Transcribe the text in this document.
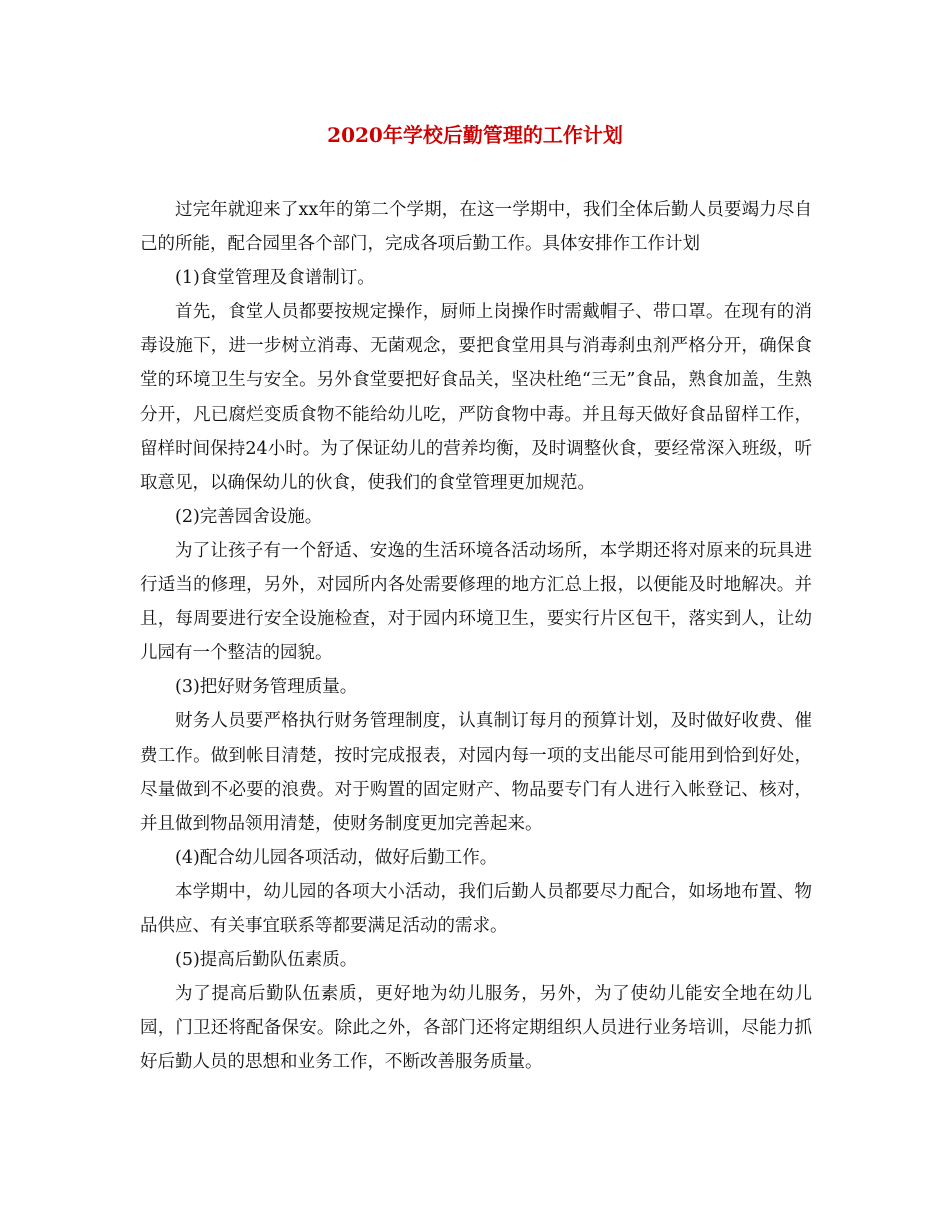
2020年学校后勤管理的工作计划

过完年就迎来了xx年的第二个学期，在这一学期中，我们全体后勤人员要竭力尽自己的所能，配合园里各个部门，完成各项后勤工作。具体安排作工作计划

(1)食堂管理及食谱制订。

首先，食堂人员都要按规定操作，厨师上岗操作时需戴帽子、带口罩。在现有的消毒设施下，进一步树立消毒、无菌观念，要把食堂用具与消毒刹虫剂严格分开，确保食堂的环境卫生与安全。另外食堂要把好食品关，坚决杜绝“三无”食品，熟食加盖，生熟分开，凡已腐烂变质食物不能给幼儿吃，严防食物中毒。并且每天做好食品留样工作，留样时间保持24小时。为了保证幼儿的营养均衡，及时调整伙食，要经常深入班级，听取意见，以确保幼儿的伙食，使我们的食堂管理更加规范。

(2)完善园舍设施。

为了让孩子有一个舒适、安逸的生活环境各活动场所，本学期还将对原来的玩具进行适当的修理，另外，对园所内各处需要修理的地方汇总上报，以便能及时地解决。并且，每周要进行安全设施检查，对于园内环境卫生，要实行片区包干，落实到人，让幼儿园有一个整洁的园貌。

(3)把好财务管理质量。

财务人员要严格执行财务管理制度，认真制订每月的预算计划，及时做好收费、催费工作。做到帐目清楚，按时完成报表，对园内每一项的支出能尽可能用到恰到好处，尽量做到不必要的浪费。对于购置的固定财产、物品要专门有人进行入帐登记、核对，并且做到物品领用清楚，使财务制度更加完善起来。

(4)配合幼儿园各项活动，做好后勤工作。

本学期中，幼儿园的各项大小活动，我们后勤人员都要尽力配合，如场地布置、物品供应、有关事宜联系等都要满足活动的需求。

(5)提高后勤队伍素质。

为了提高后勤队伍素质，更好地为幼儿服务，另外，为了使幼儿能安全地在幼儿园，门卫还将配备保安。除此之外，各部门还将定期组织人员进行业务培训，尽能力抓好后勤人员的思想和业务工作，不断改善服务质量。
